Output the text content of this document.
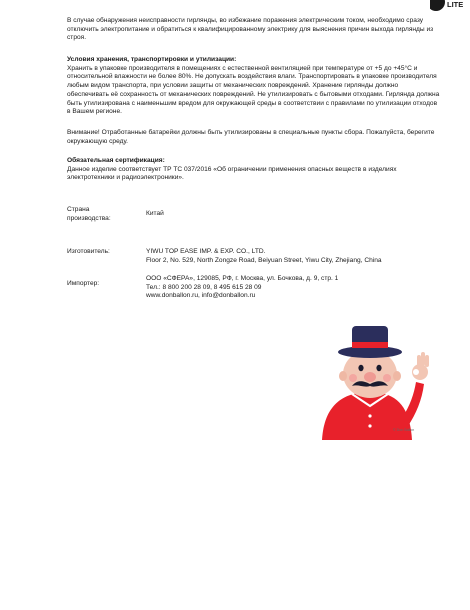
LITE

В случае обнаружения неисправности гирлянды, во избежание поражения электрическим током, необходимо сразу отключить электропитание и обратиться к квалифицированному электрику для выяснения причин выхода гирлянды из строя.

Условия хранения, транспортировки и утилизации:
Хранить в упаковке производителя в помещениях с естественной вентиляцией при температуре от +5 до +45°С и относительной влажности не более 80%. Не допускать воздействия влаги. Транспортировать в упаковке производителя любым видом транспорта, при условии защиты от механических повреждений. Хранение гирлянды должно обеспечивать её сохранность от механических повреждений. Не утилизировать с бытовыми отходами. Гирлянда должна быть утилизирована с наименьшим вредом для окружающей среды в соответствии с правилами по утилизации отходов в Вашем регионе.

Внимание! Отработанные батарейки должны быть утилизированы в специальные пункты сбора. Пожалуйста, берегите окружающую среду.

Обязательная сертификация:
Данное изделие соответствует ТР ТС 037/2016 «Об ограничении применения опасных веществ в изделиях электротехники и радиоэлектроники».
Страна
производства:
Китай
Изготовитель:	YIWU TOP EASE IMP. & EXP. CO., LTD.
Floor 2, No. 529, North Zongze Road, Beiyuan Street, Yiwu City, Zhejiang, China
Импортер:
ООО «СФЕРА», 129085, РФ, г. Москва, ул. Бочкова, д. 9, стр. 1
Тел.: 8 800 200 28 09, 8 495 615 28 09
www.donballon.ru, info@donballon.ru
© Don Ballon
